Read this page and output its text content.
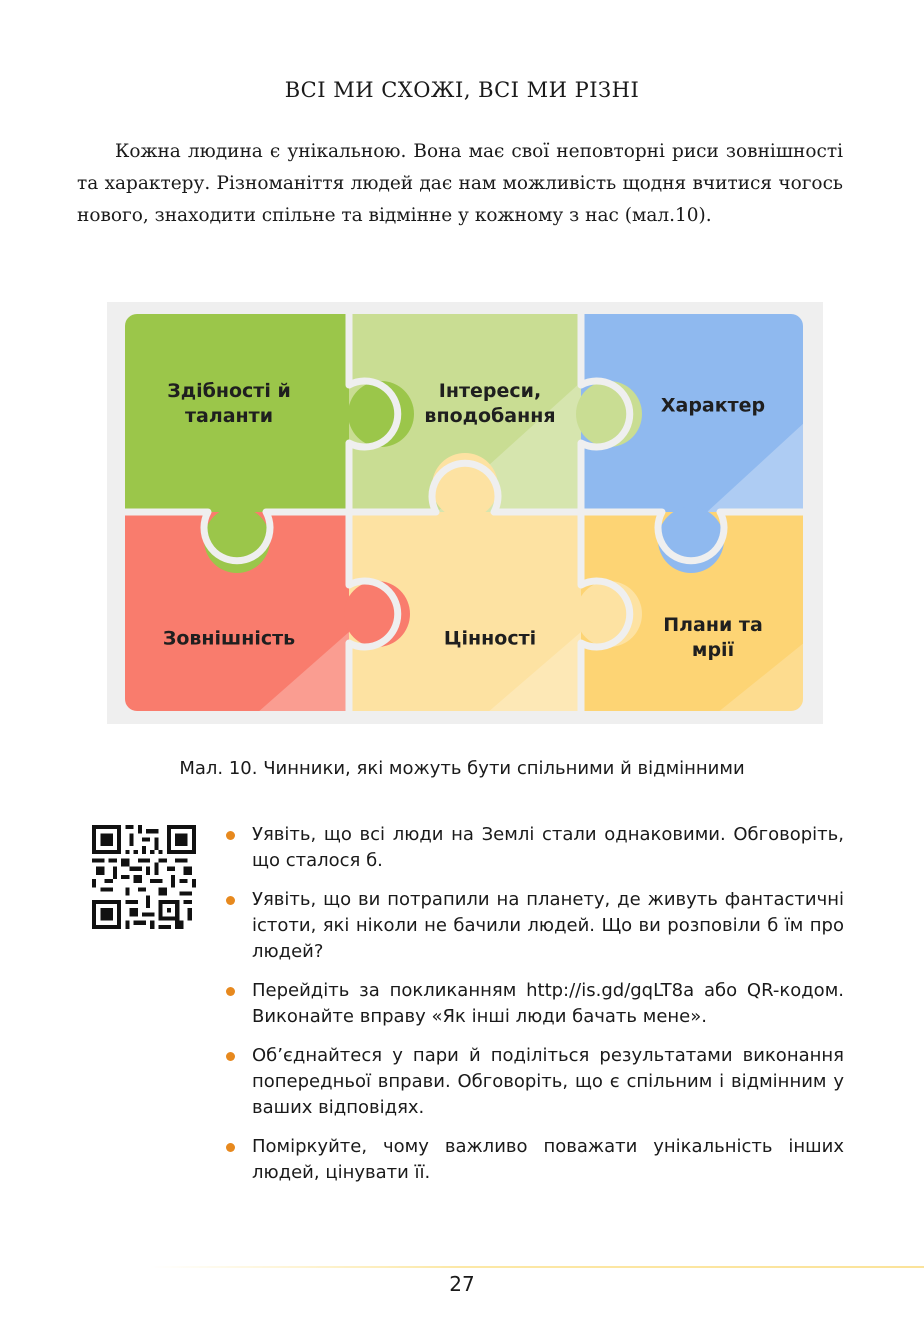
ВСІ МИ СХОЖІ, ВСІ МИ РІЗНІ

Кожна людина є унікальною. Вона має свої неповторні риси зовнішності та характеру. Різноманіття людей дає нам можливість щодня вчитися чогось нового, знаходити спільне та відмінне у кожному з нас (мал.10).

Здібності й
таланти
Інтереси,
вподобання	Характер
Зовнішність	Цінності
Плани та
мрії
Мал. 10. Чинники, які можуть бути спільними й відмінними
Уявіть, що всі люди на Землі стали однаковими. Обговоріть, що сталося б.
Уявіть, що ви потрапили на планету, де живуть фантастичні істоти, які ніколи не бачили людей. Що ви розповіли б їм про людей?
Перейдіть за покликанням http://is.gd/gqLT8a або QR-кодом. Виконайте вправу «Як інші люди бачать мене».
Об’єднайтеся у пари й поділіться результатами виконання попередньої вправи. Обговоріть, що є спільним і відмінним у ваших відповідях.
Поміркуйте, чому важливо поважати унікальність інших людей, цінувати її.
27
